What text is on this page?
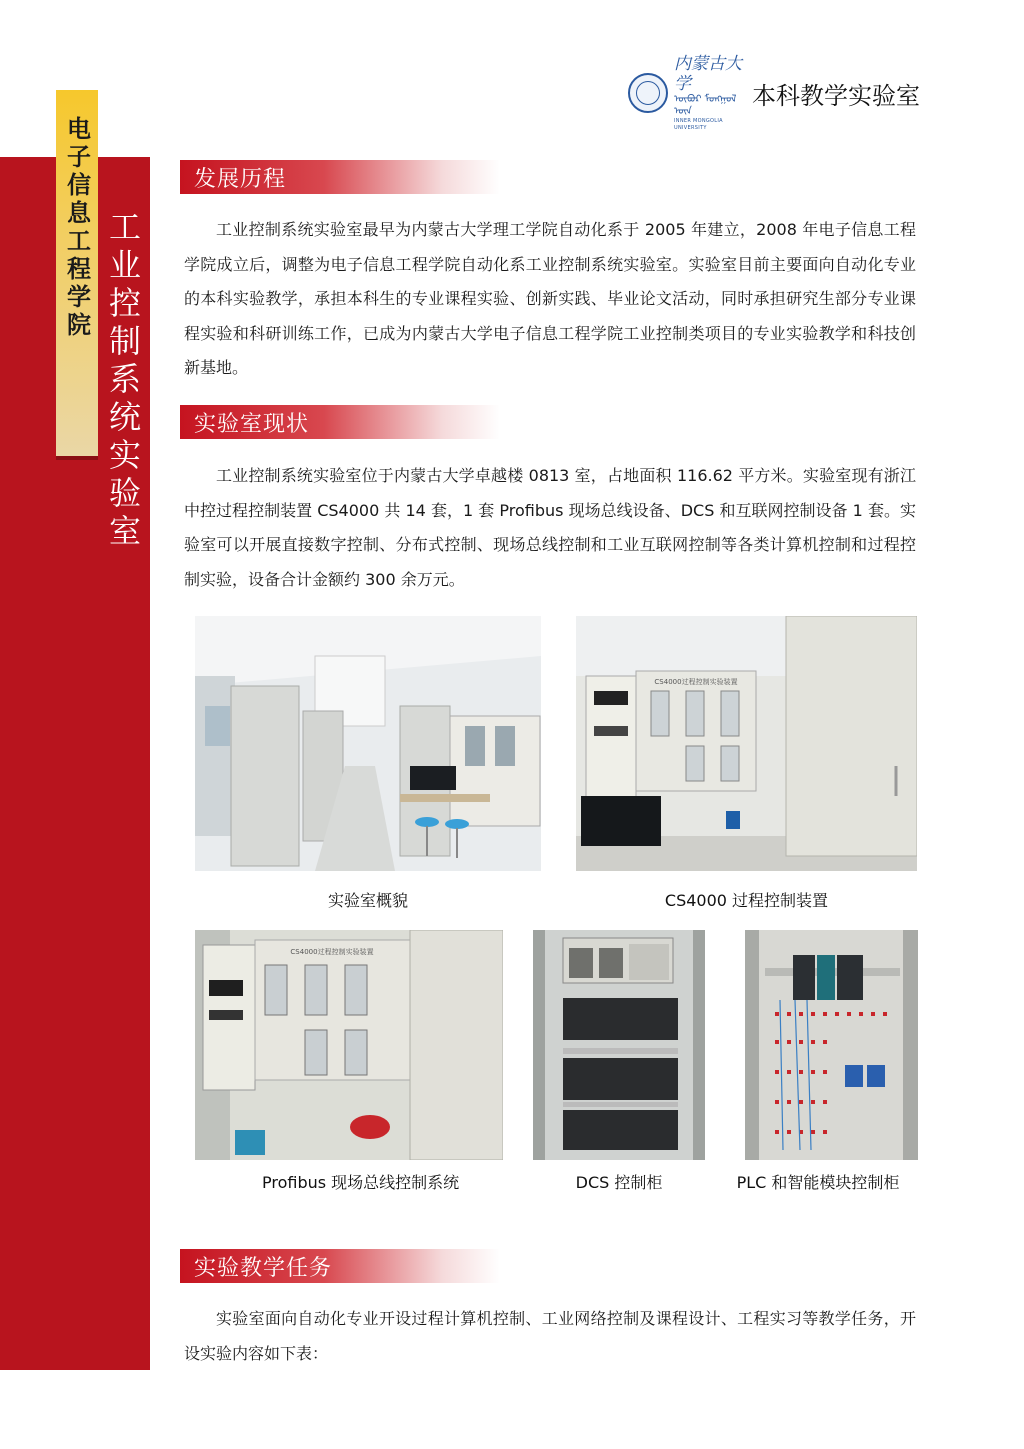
电子信息工程学院 工业控制系统实验室
内蒙古大学
ᠦᠪᠦᠷ ᠮᠣᠩᠭᠣᠯ ᠦᠨ
INNER MONGOLIA UNIVERSITY
本科教学实验室
发展历程

工业控制系统实验室最早为内蒙古大学理工学院自动化系于 2005 年建立，2008 年电子信息工程学院成立后，调整为电子信息工程学院自动化系工业控制系统实验室。实验室目前主要面向自动化专业的本科实验教学，承担本科生的专业课程实验、创新实践、毕业论文活动，同时承担研究生部分专业课程实验和科研训练工作，已成为内蒙古大学电子信息工程学院工业控制类项目的专业实验教学和科技创新基地。

实验室现状

工业控制系统实验室位于内蒙古大学卓越楼 0813 室，占地面积 116.62 平方米。实验室现有浙江中控过程控制装置 CS4000 共 14 套，1 套 Profibus 现场总线设备、DCS 和互联网控制设备 1 套。实验室可以开展直接数字控制、分布式控制、现场总线控制和工业互联网控制等各类计算机控制和过程控制实验，设备合计金额约 300 余万元。

实验室概貌
CS4000过程控制实验装置
CS4000 过程控制装置
CS4000过程控制实验装置
Profibus 现场总线控制系统	DCS 控制柜	PLC 和智能模块控制柜
实验教学任务

实验室面向自动化专业开设过程计算机控制、工业网络控制及课程设计、工程实习等教学任务，开设实验内容如下表：
